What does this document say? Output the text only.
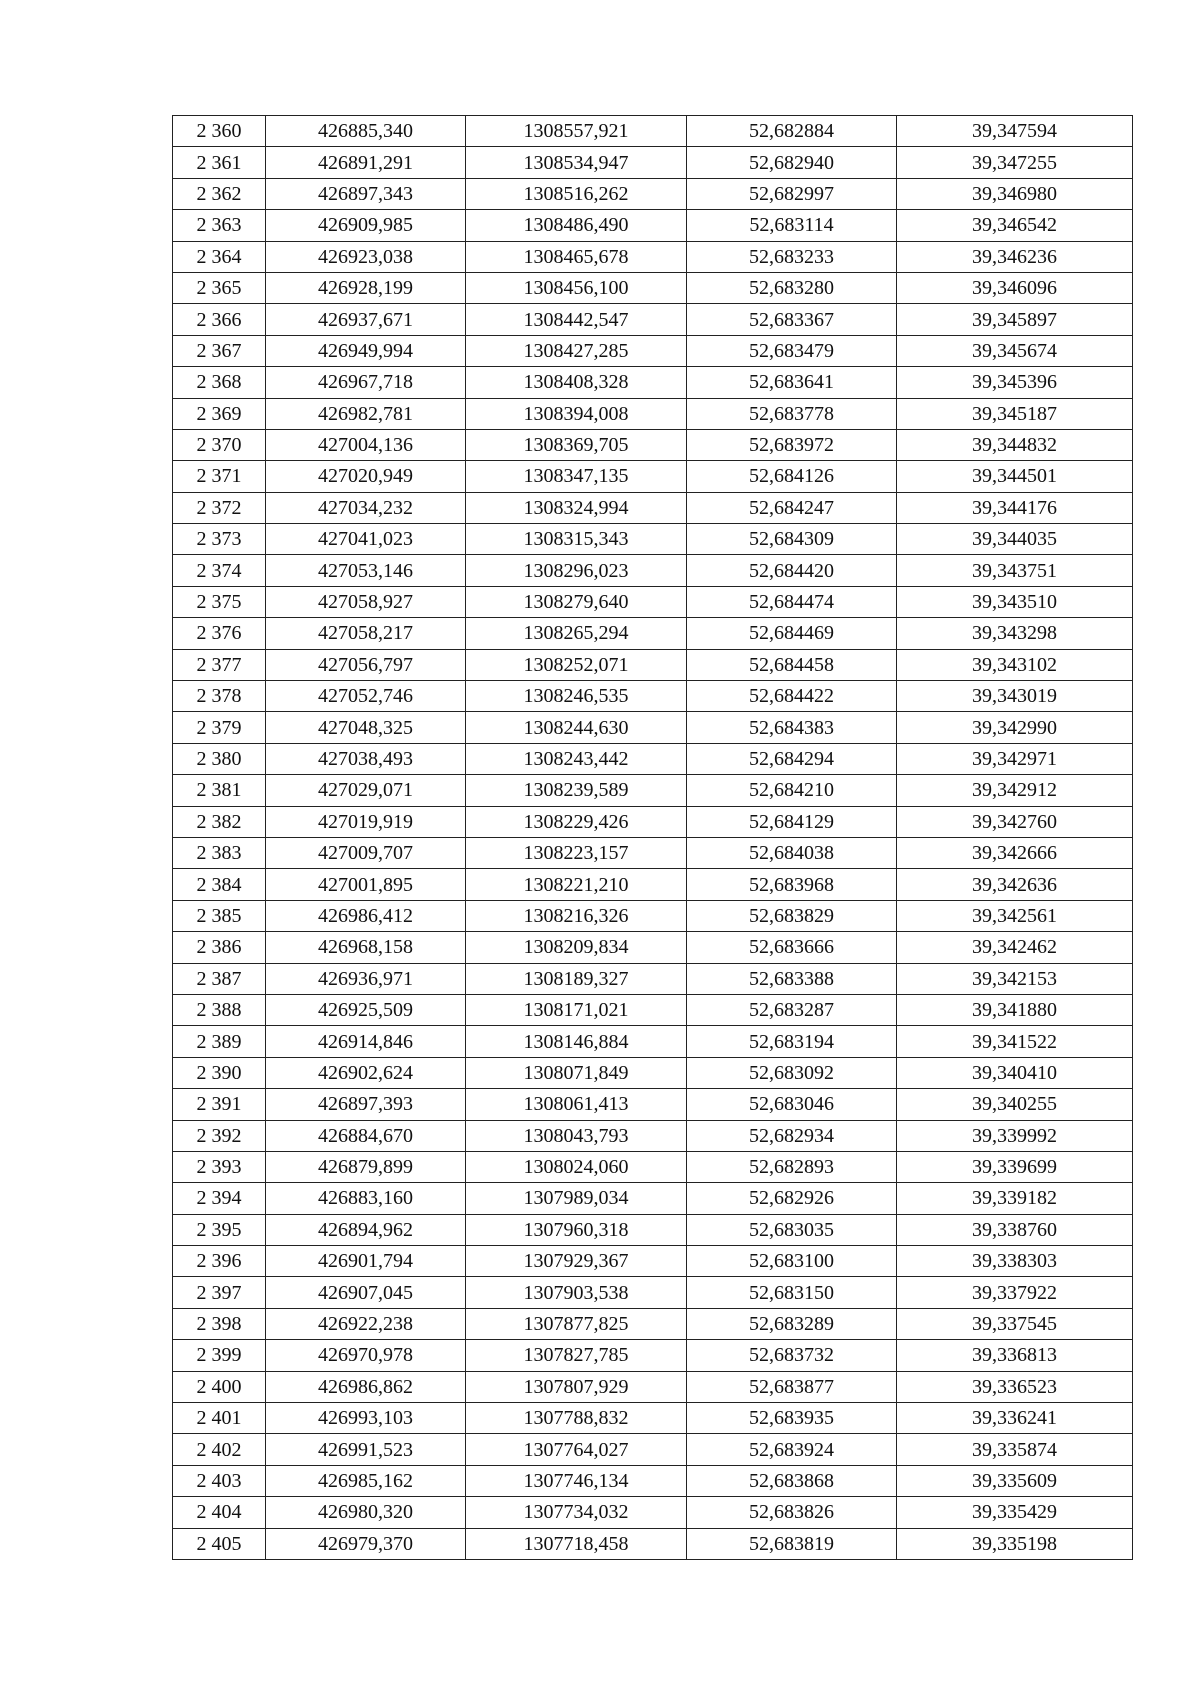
2 360	426885,340	1308557,921	52,682884	39,347594
2 361	426891,291	1308534,947	52,682940	39,347255
2 362	426897,343	1308516,262	52,682997	39,346980
2 363	426909,985	1308486,490	52,683114	39,346542
2 364	426923,038	1308465,678	52,683233	39,346236
2 365	426928,199	1308456,100	52,683280	39,346096
2 366	426937,671	1308442,547	52,683367	39,345897
2 367	426949,994	1308427,285	52,683479	39,345674
2 368	426967,718	1308408,328	52,683641	39,345396
2 369	426982,781	1308394,008	52,683778	39,345187
2 370	427004,136	1308369,705	52,683972	39,344832
2 371	427020,949	1308347,135	52,684126	39,344501
2 372	427034,232	1308324,994	52,684247	39,344176
2 373	427041,023	1308315,343	52,684309	39,344035
2 374	427053,146	1308296,023	52,684420	39,343751
2 375	427058,927	1308279,640	52,684474	39,343510
2 376	427058,217	1308265,294	52,684469	39,343298
2 377	427056,797	1308252,071	52,684458	39,343102
2 378	427052,746	1308246,535	52,684422	39,343019
2 379	427048,325	1308244,630	52,684383	39,342990
2 380	427038,493	1308243,442	52,684294	39,342971
2 381	427029,071	1308239,589	52,684210	39,342912
2 382	427019,919	1308229,426	52,684129	39,342760
2 383	427009,707	1308223,157	52,684038	39,342666
2 384	427001,895	1308221,210	52,683968	39,342636
2 385	426986,412	1308216,326	52,683829	39,342561
2 386	426968,158	1308209,834	52,683666	39,342462
2 387	426936,971	1308189,327	52,683388	39,342153
2 388	426925,509	1308171,021	52,683287	39,341880
2 389	426914,846	1308146,884	52,683194	39,341522
2 390	426902,624	1308071,849	52,683092	39,340410
2 391	426897,393	1308061,413	52,683046	39,340255
2 392	426884,670	1308043,793	52,682934	39,339992
2 393	426879,899	1308024,060	52,682893	39,339699
2 394	426883,160	1307989,034	52,682926	39,339182
2 395	426894,962	1307960,318	52,683035	39,338760
2 396	426901,794	1307929,367	52,683100	39,338303
2 397	426907,045	1307903,538	52,683150	39,337922
2 398	426922,238	1307877,825	52,683289	39,337545
2 399	426970,978	1307827,785	52,683732	39,336813
2 400	426986,862	1307807,929	52,683877	39,336523
2 401	426993,103	1307788,832	52,683935	39,336241
2 402	426991,523	1307764,027	52,683924	39,335874
2 403	426985,162	1307746,134	52,683868	39,335609
2 404	426980,320	1307734,032	52,683826	39,335429
2 405	426979,370	1307718,458	52,683819	39,335198
